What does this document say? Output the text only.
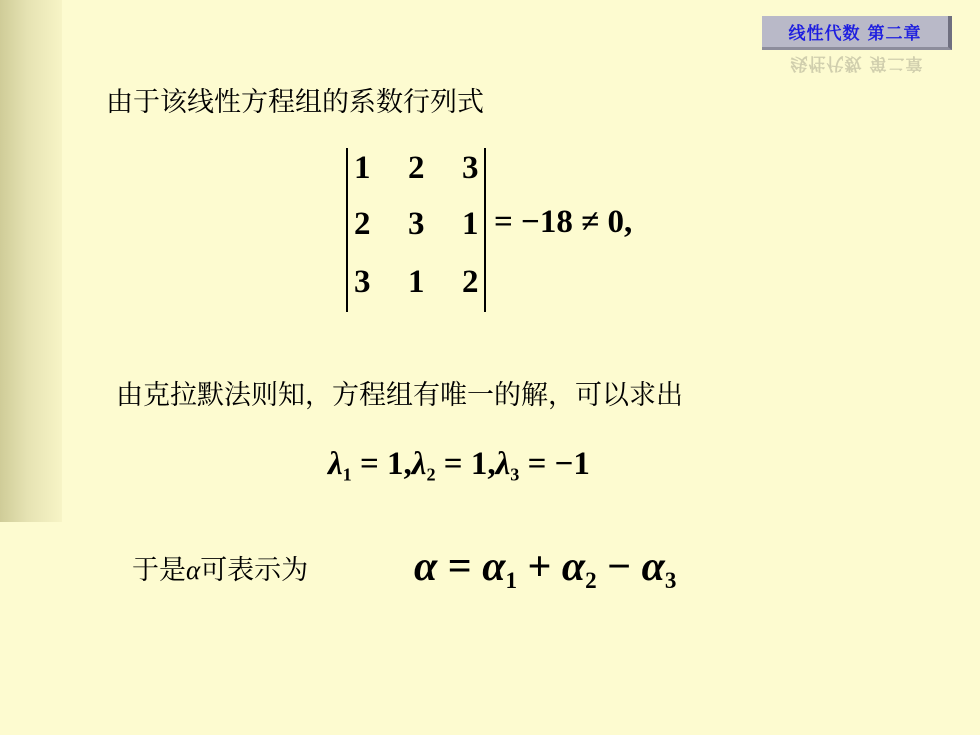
线性代数 第二章
线性代数 第二章
由于该线性方程组的系数行列式
1 2 3
2 3 1
3 1 2
= −18 ≠ 0,
由克拉默法则知，方程组有唯一的解，可以求出
$\lambda_1 = 1,\lambda_2 = 1,\lambda_3 = -1$
于是α可表示为	$\alpha = \alpha_1 + \alpha_2 - \alpha_3$
